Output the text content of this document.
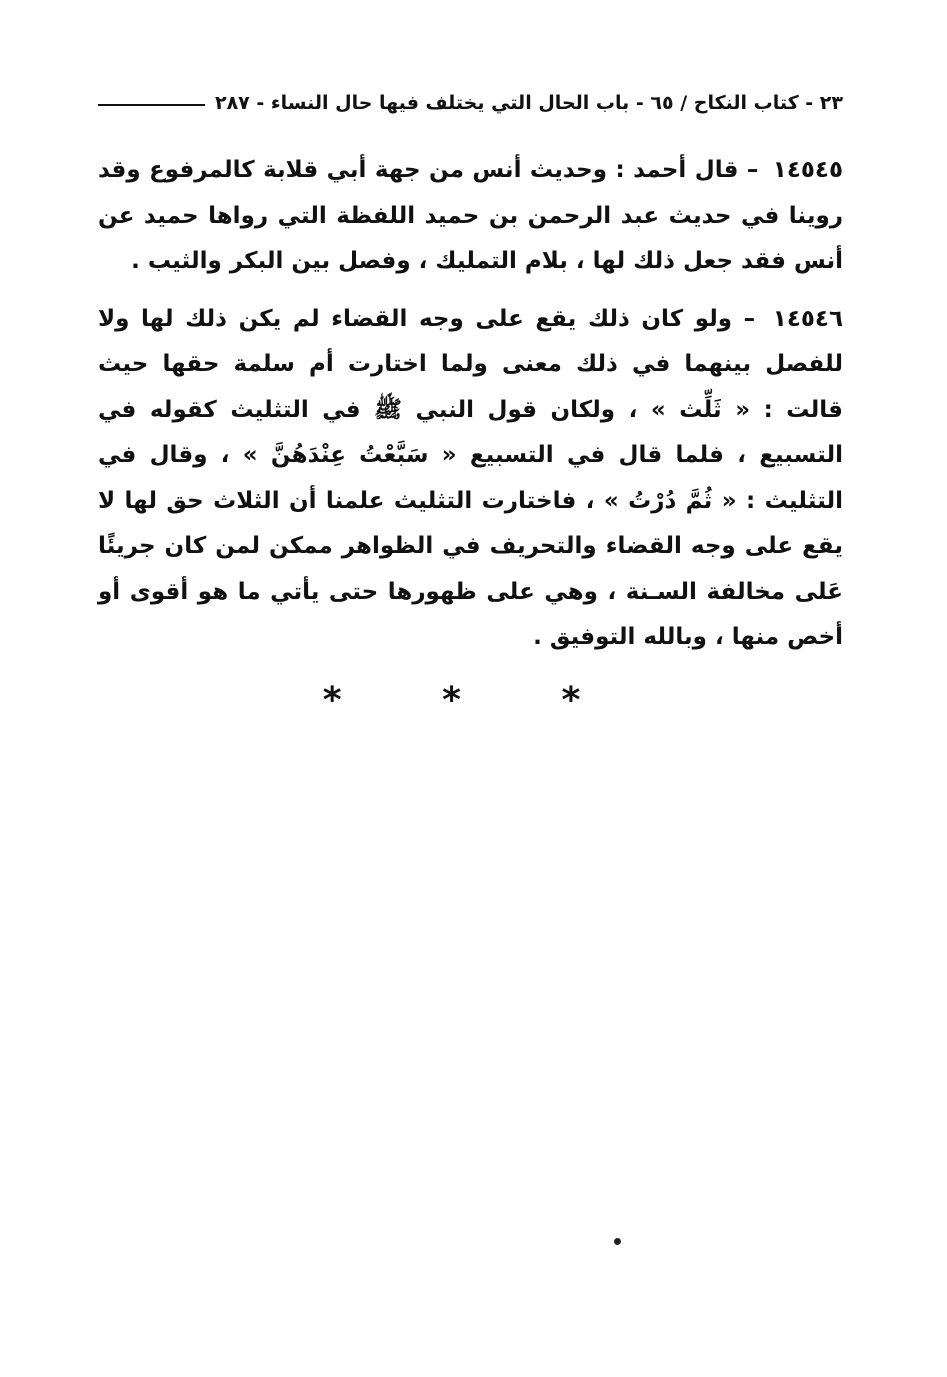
٢٣ - كتاب النكاح / ٦٥ - باب الحال التي يختلف فيها حال النساء - ٢٨٧

١٤٥٤٥ – قال أحمد : وحديث أنس من جهة أبي قلابة كالمرفوع وقد روينا في حديث عبد الرحمن بن حميد اللفظة التي رواها حميد عن أنس فقد جعل ذلك لها ، بلام التمليك ، وفصل بين البكر والثيب .

١٤٥٤٦ – ولو كان ذلك يقع على وجه القضاء لم يكن ذلك لها ولا للفصل بينهما في ذلك معنى ولما اختارت أم سلمة حقها حيث قالت : « ثَلِّث » ، ولكان قول النبي ﷺ في التثليث كقوله في التسبيع ، فلما قال في التسبيع « سَبَّعْتُ عِنْدَهُنَّ » ، وقال في التثليث : « ثُمَّ دُرْتُ » ، فاختارت التثليث علمنا أن الثلاث حق لها لا يقع على وجه القضاء والتحريف في الظواهر ممكن لمن كان جريئًا عَلى مخالفة السـنة ، وهي على ظهورها حتى يأتي ما هو أقوى أو أخص منها ، وبالله التوفيق .

* * *
